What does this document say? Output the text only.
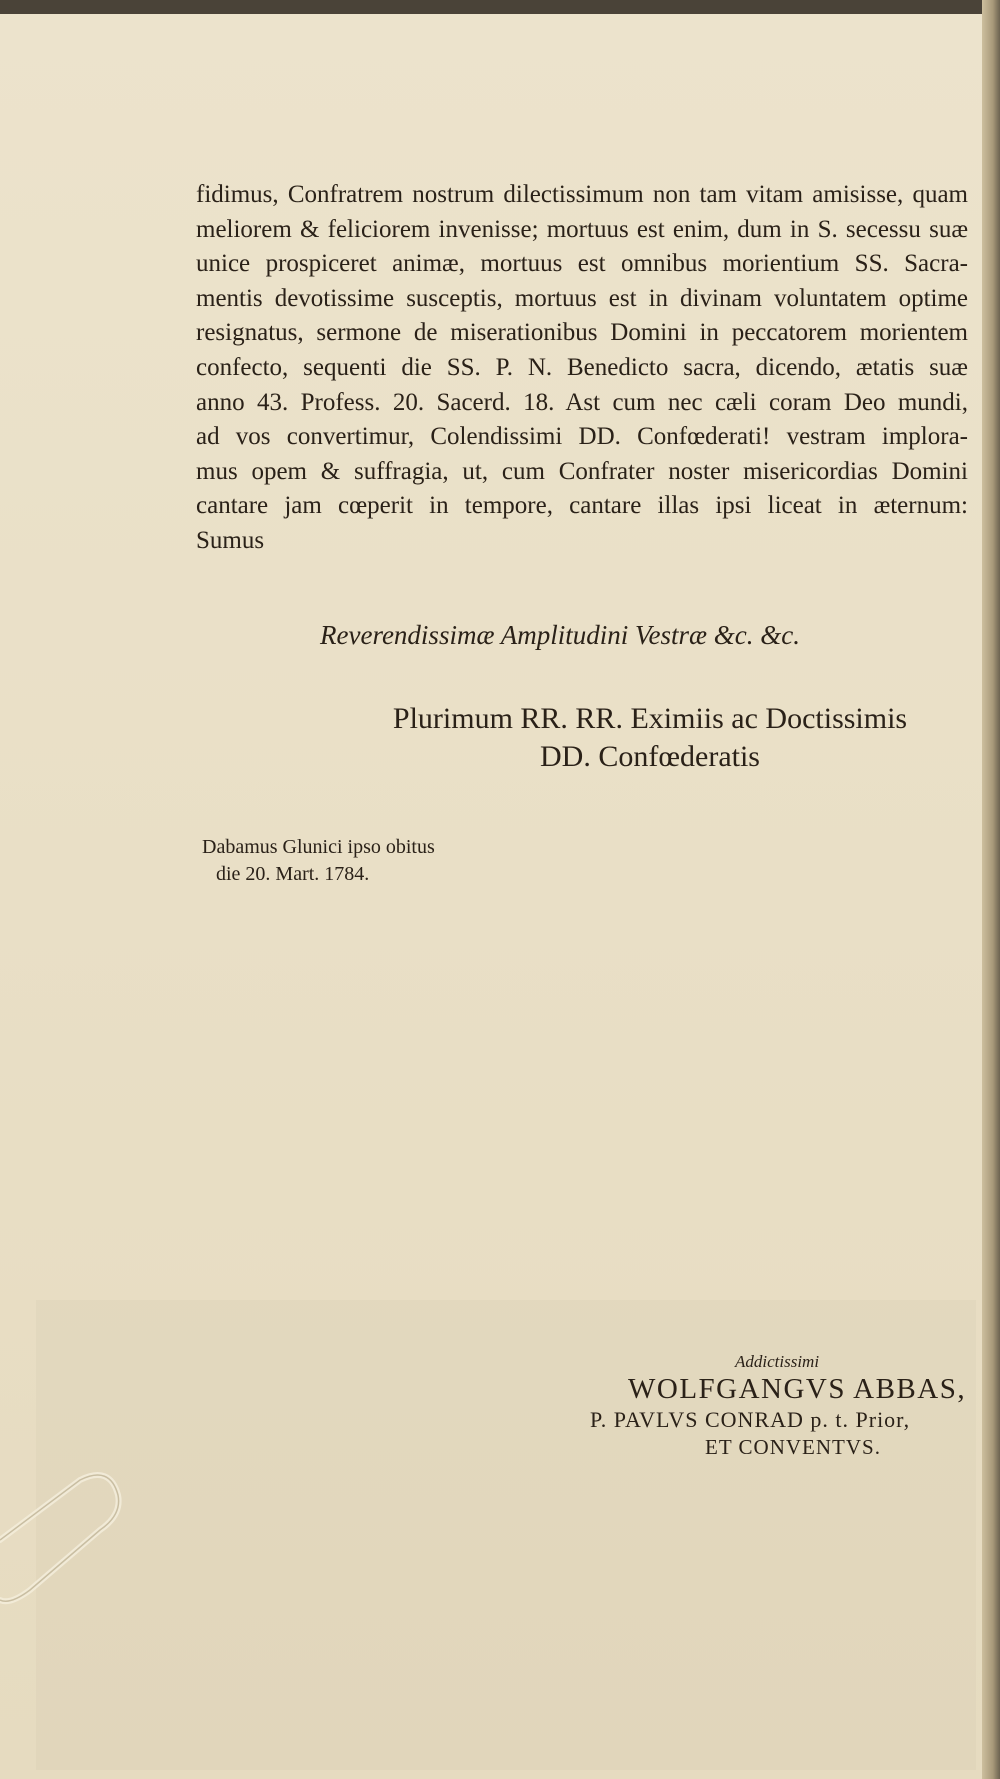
fidimus, Confratrem nostrum dilectissimum non tam vitam amisisse, quam
meliorem & feliciorem invenisse; mortuus est enim, dum in S. secessu suæ
unice prospiceret animæ, mortuus est omnibus morientium SS. Sacra-
mentis devotissime susceptis, mortuus est in divinam voluntatem optime
resignatus, sermone de miserationibus Domini in peccatorem morientem
confecto, sequenti die SS. P. N. Benedicto sacra, dicendo, ætatis suæ
anno 43. Profess. 20. Sacerd. 18. Ast cum nec cæli coram Deo mundi,
ad vos convertimur, Colendissimi DD. Confœderati! vestram implora-
mus opem & suffragia, ut, cum Confrater noster misericordias Domini
cantare jam cœperit in tempore, cantare illas ipsi liceat in æternum:
Sumus
Reverendissimæ Amplitudini Vestræ &c. &c.
Plurimum RR. RR. Eximiis ac Doctissimis
DD. Confœderatis
Dabamus Glunici ipso obitus
die 20. Mart. 1784.
Addictissimi
WOLFGANGVS ABBAS,
P. PAVLVS CONRAD p. t. Prior,
ET CONVENTVS.
